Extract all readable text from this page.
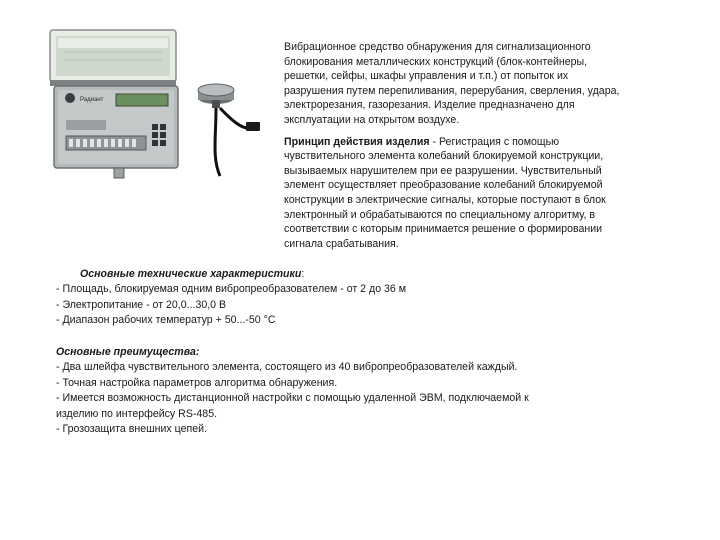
Радиант

Вибрационное средство обнаружения для сигнализационного

блокирования металлических конструкций (блок-контейнеры,

решетки, сейфы, шкафы управления и т.п.) от попыток их

разрушения путем перепиливания, перерубания, сверления, удара,

электрорезания, газорезания. Изделие предназначено для

эксплуатации на открытом воздухе.

Принцип действия изделия - Регистрация с помощью

чувствительного элемента колебаний блокируемой конструкции,

вызываемых нарушителем при ее разрушении. Чувствительный

элемент осуществляет преобразование колебаний блокируемой

конструкции в электрические сигналы, которые поступают в блок

электронный и обрабатываются по специальному алгоритму, в

соответствии с которым принимается решение о формировании

сигнала срабатывания.

Основные технические характеристики:
- Площадь, блокируемая одним вибропреобразователем - от 2 до 36 м
- Электропитание - от 20,0...30,0 В
- Диапазон рабочих температур + 50...-50 °С
Основные преимущества:
- Два шлейфа чувствительного элемента, состоящего из 40 вибропреобразователей каждый.
- Точная настройка параметров алгоритма обнаружения.
- Имеется возможность дистанционной настройки с помощью удаленной ЭВМ, подключаемой к
изделию по интерфейсу RS-485.
- Грозозащита внешних цепей.
